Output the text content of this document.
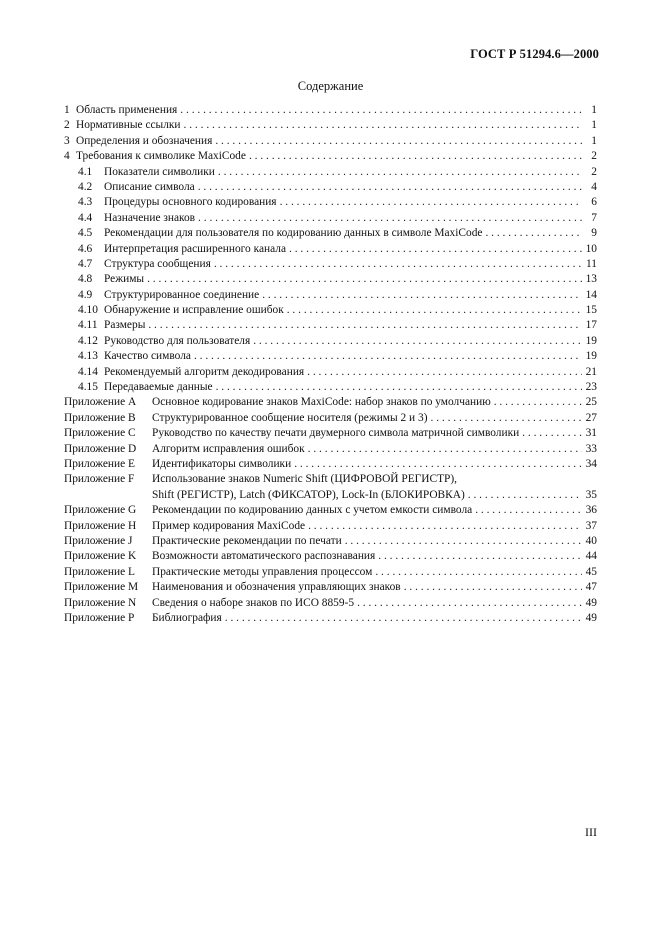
ГОСТ Р 51294.6—2000
Содержание
1 Область применения . . .	1
2 Нормативные ссылки . . .	1
3 Определения и обозначения . . .	1
4 Требования к символике MaxiCode . . .	2
4.1	Показатели символики . . .	2
4.2	Описание символа . . .	4
4.3	Процедуры основного кодирования . . .	6
4.4	Назначение знаков . . .	7
4.5	Рекомендации для пользователя по кодированию данных в символе MaxiCode . . .	9
4.6	Интерпретация расширенного канала . . .	10
4.7	Структура сообщения . . .	11
4.8	Режимы . . .	13
4.9	Структурированное соединение . . .	14
4.10 Обнаружение и исправление ошибок . . .	15
4.11 Размеры . . .	17
4.12 Руководство для пользователя . . .	19
4.13 Качество символа . . .	19
4.14 Рекомендуемый алгоритм декодирования . . .	21
4.15 Передаваемые данные . . .	23
Приложение A	Основное кодирование знаков MaxiCode: набор знаков по умолчанию . . .	25
Приложение B	Структурированное сообщение носителя (режимы 2 и 3) . . .	27
Приложение C	Руководство по качеству печати двумерного символа матричной символики . . .	31
Приложение D	Алгоритм исправления ошибок . . .	33
Приложение E	Идентификаторы символики . . .	34
Приложение F Использование знаков Numeric Shift (ЦИФРОВОЙ РЕГИСТР),
Shift (РЕГИСТР), Latch (ФИКСАТОР), Lock-In (БЛОКИРОВКА) . . .	35
Приложение G	Рекомендации по кодированию данных с учетом емкости символа . . .	36
Приложение H	Пример кодирования MaxiCode . . .	37
Приложение J	Практические рекомендации по печати . . .	40
Приложение K	Возможности автоматического распознавания . . .	44
Приложение L	Практические методы управления процессом . . .	45
Приложение M	Наименования и обозначения управляющих знаков . . .	47
Приложение N	Сведения о наборе знаков по ИСО 8859-5 . . .	49
Приложение P	Библиография . . .	49
III
